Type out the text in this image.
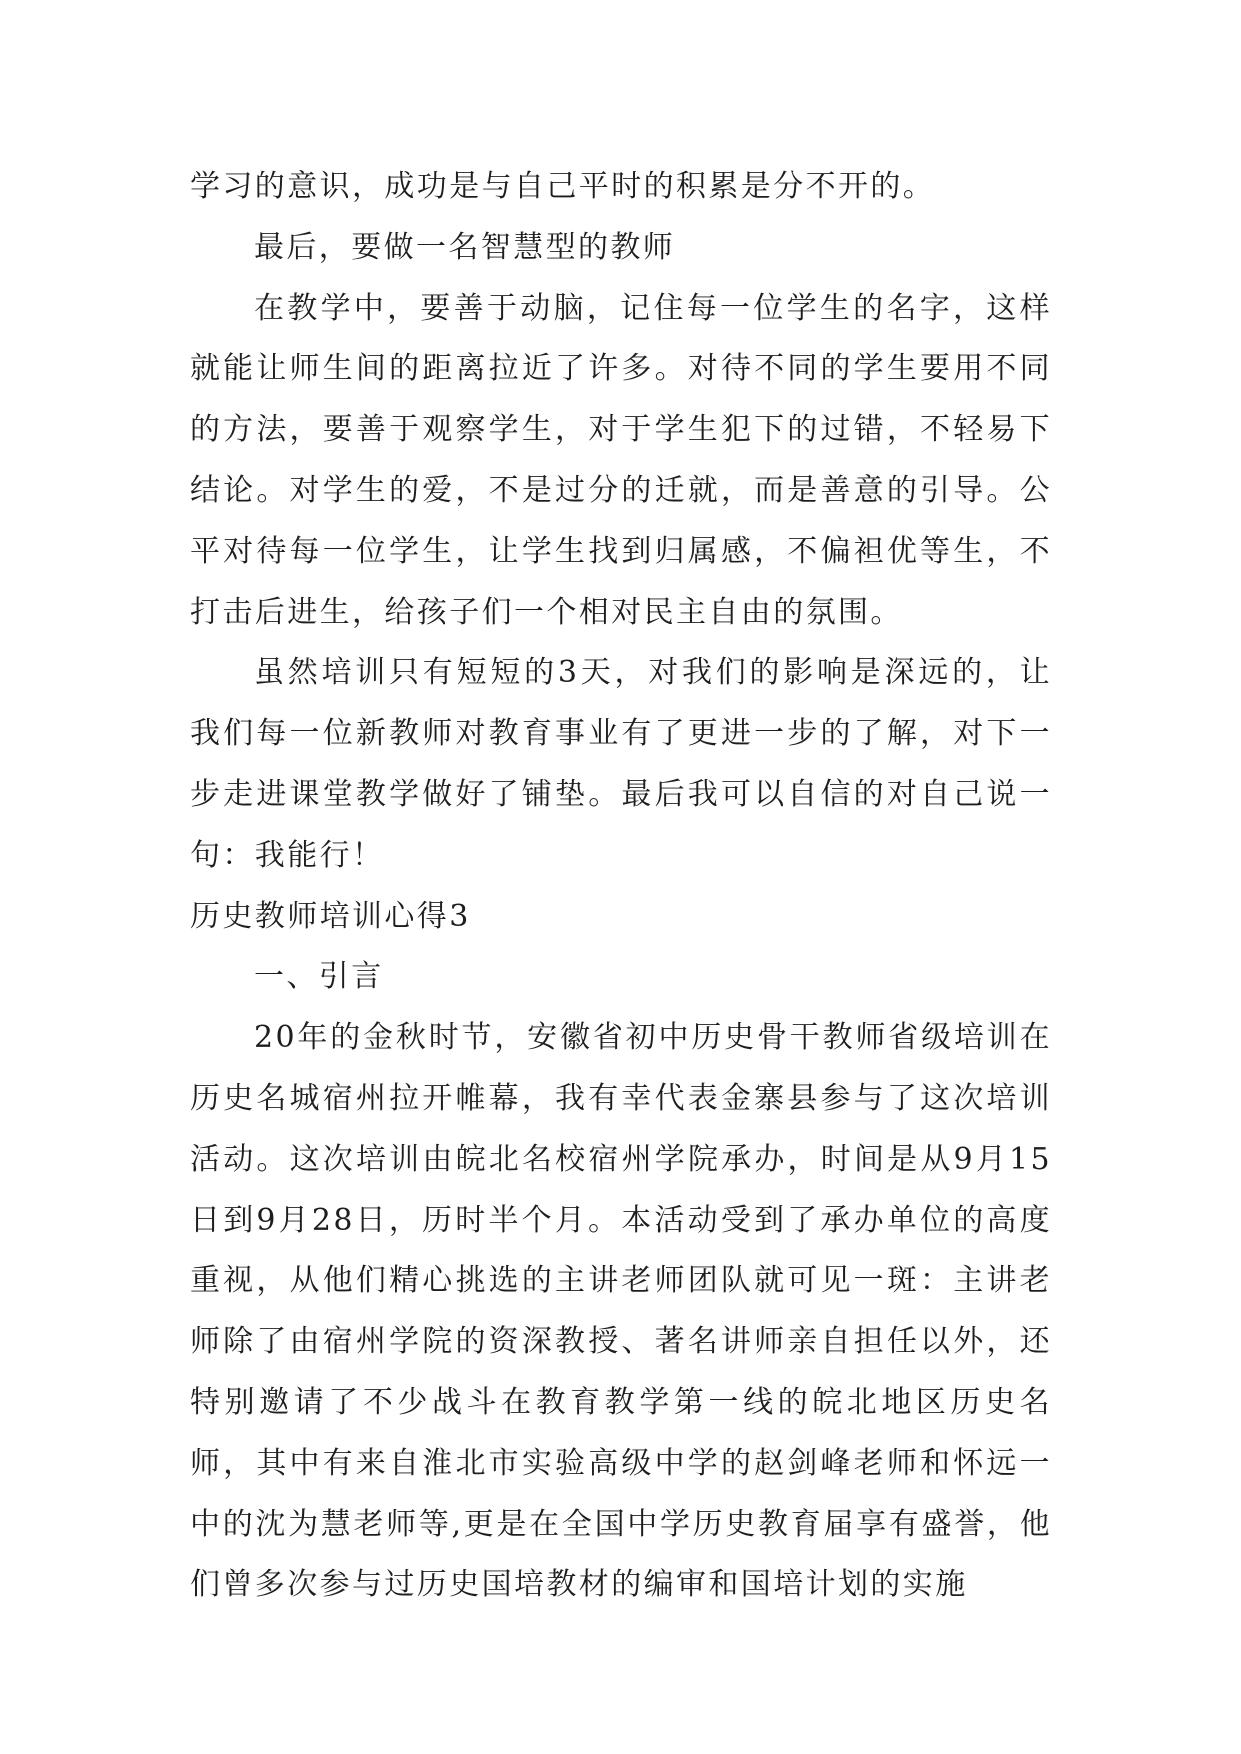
学习的意识，成功是与自己平时的积累是分不开的。

最后，要做一名智慧型的教师

在教学中，要善于动脑，记住每一位学生的名字，这样就能让师生间的距离拉近了许多。对待不同的学生要用不同的方法，要善于观察学生，对于学生犯下的过错，不轻易下结论。对学生的爱，不是过分的迁就，而是善意的引导。公平对待每一位学生，让学生找到归属感，不偏袒优等生，不打击后进生，给孩子们一个相对民主自由的氛围。

虽然培训只有短短的3天，对我们的影响是深远的，让我们每一位新教师对教育事业有了更进一步的了解，对下一步走进课堂教学做好了铺垫。最后我可以自信的对自己说一句：我能行！

历史教师培训心得3

一、引言

20年的金秋时节，安徽省初中历史骨干教师省级培训在历史名城宿州拉开帷幕，我有幸代表金寨县参与了这次培训活动。这次培训由皖北名校宿州学院承办，时间是从9月15日到9月28日，历时半个月。本活动受到了承办单位的高度重视，从他们精心挑选的主讲老师团队就可见一斑：主讲老师除了由宿州学院的资深教授、著名讲师亲自担任以外，还特别邀请了不少战斗在教育教学第一线的皖北地区历史名师，其中有来自淮北市实验高级中学的赵剑峰老师和怀远一中的沈为慧老师等,更是在全国中学历史教育届享有盛誉，他们曾多次参与过历史国培教材的编审和国培计划的实施
